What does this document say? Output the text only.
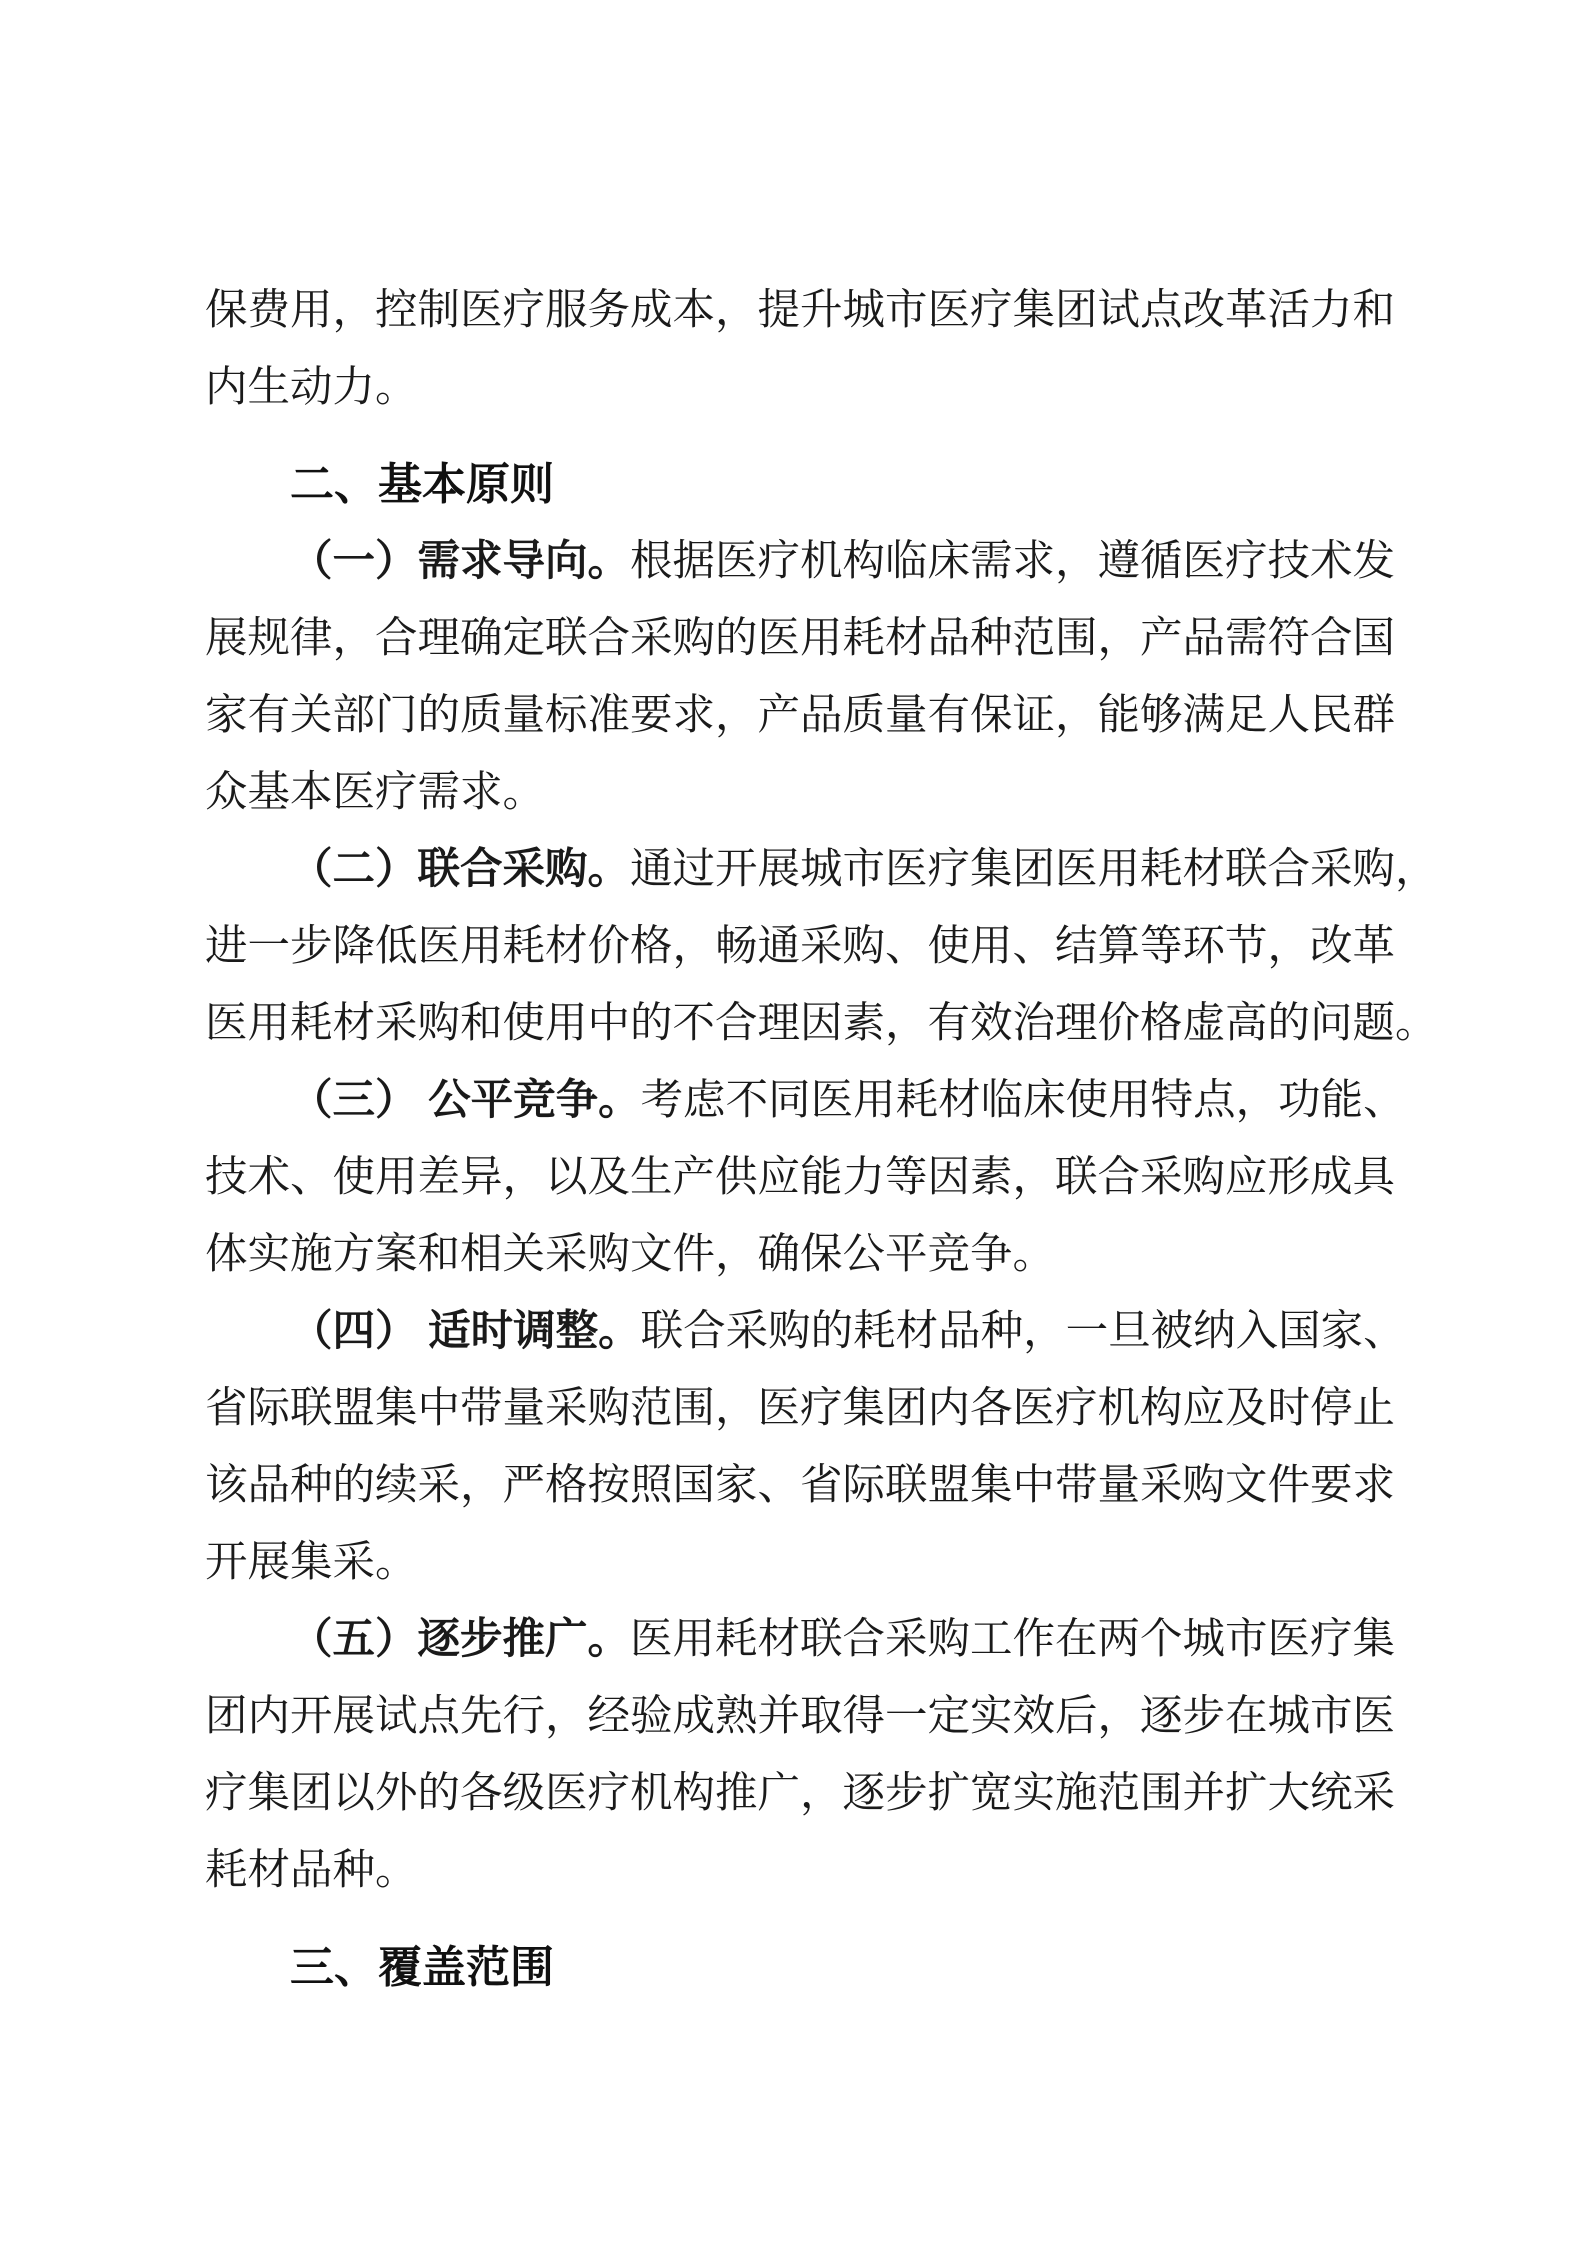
保费用，控制医疗服务成本，提升城市医疗集团试点改革活力和
内生动力。
二、基本原则
（一）需求导向。根据医疗机构临床需求，遵循医疗技术发
展规律，合理确定联合采购的医用耗材品种范围，产品需符合国
家有关部门的质量标准要求，产品质量有保证，能够满足人民群
众基本医疗需求。
（二）联合采购。通过开展城市医疗集团医用耗材联合采购，
进一步降低医用耗材价格，畅通采购、使用、结算等环节，改革
医用耗材采购和使用中的不合理因素，有效治理价格虚高的问题。
（三） 公平竞争。考虑不同医用耗材临床使用特点，功能、
技术、使用差异，以及生产供应能力等因素，联合采购应形成具
体实施方案和相关采购文件，确保公平竞争。
（四） 适时调整。联合采购的耗材品种，一旦被纳入国家、
省际联盟集中带量采购范围，医疗集团内各医疗机构应及时停止
该品种的续采，严格按照国家、省际联盟集中带量采购文件要求
开展集采。
（五）逐步推广。医用耗材联合采购工作在两个城市医疗集
团内开展试点先行，经验成熟并取得一定实效后，逐步在城市医
疗集团以外的各级医疗机构推广，逐步扩宽实施范围并扩大统采
耗材品种。
三、覆盖范围
